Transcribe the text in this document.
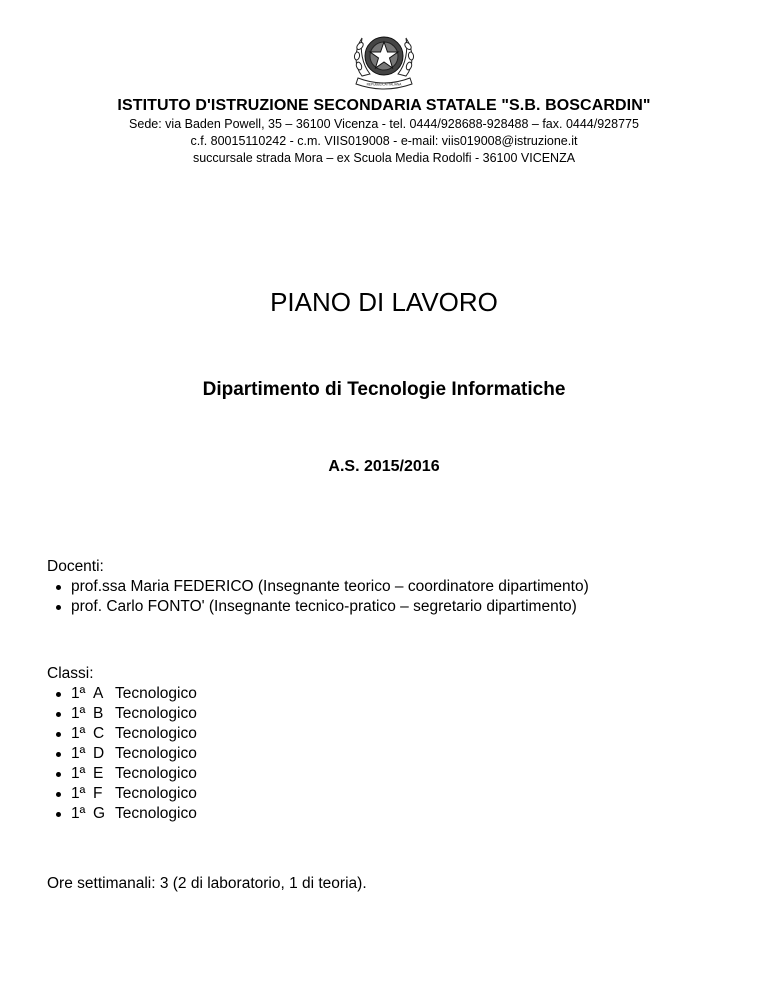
REPUBBLICA ITALIANA
ISTITUTO D'ISTRUZIONE SECONDARIA STATALE "S.B. BOSCARDIN"
Sede: via Baden Powell, 35 – 36100 Vicenza - tel. 0444/928688-928488 – fax. 0444/928775
c.f. 80015110242 - c.m. VIIS019008 - e-mail: viis019008@istruzione.it
succursale strada Mora – ex Scuola Media Rodolfi - 36100 VICENZA
PIANO DI LAVORO
Dipartimento di Tecnologie Informatiche
A.S. 2015/2016
Docenti:
prof.ssa Maria FEDERICO (Insegnante teorico – coordinatore dipartimento)
prof. Carlo FONTO' (Insegnante tecnico-pratico – segretario dipartimento)
Classi:
1ª A Tecnologico
1ª B Tecnologico
1ª C Tecnologico
1ª D Tecnologico
1ª E Tecnologico
1ª F Tecnologico
1ª G Tecnologico
Ore settimanali: 3 (2 di laboratorio, 1 di teoria).
